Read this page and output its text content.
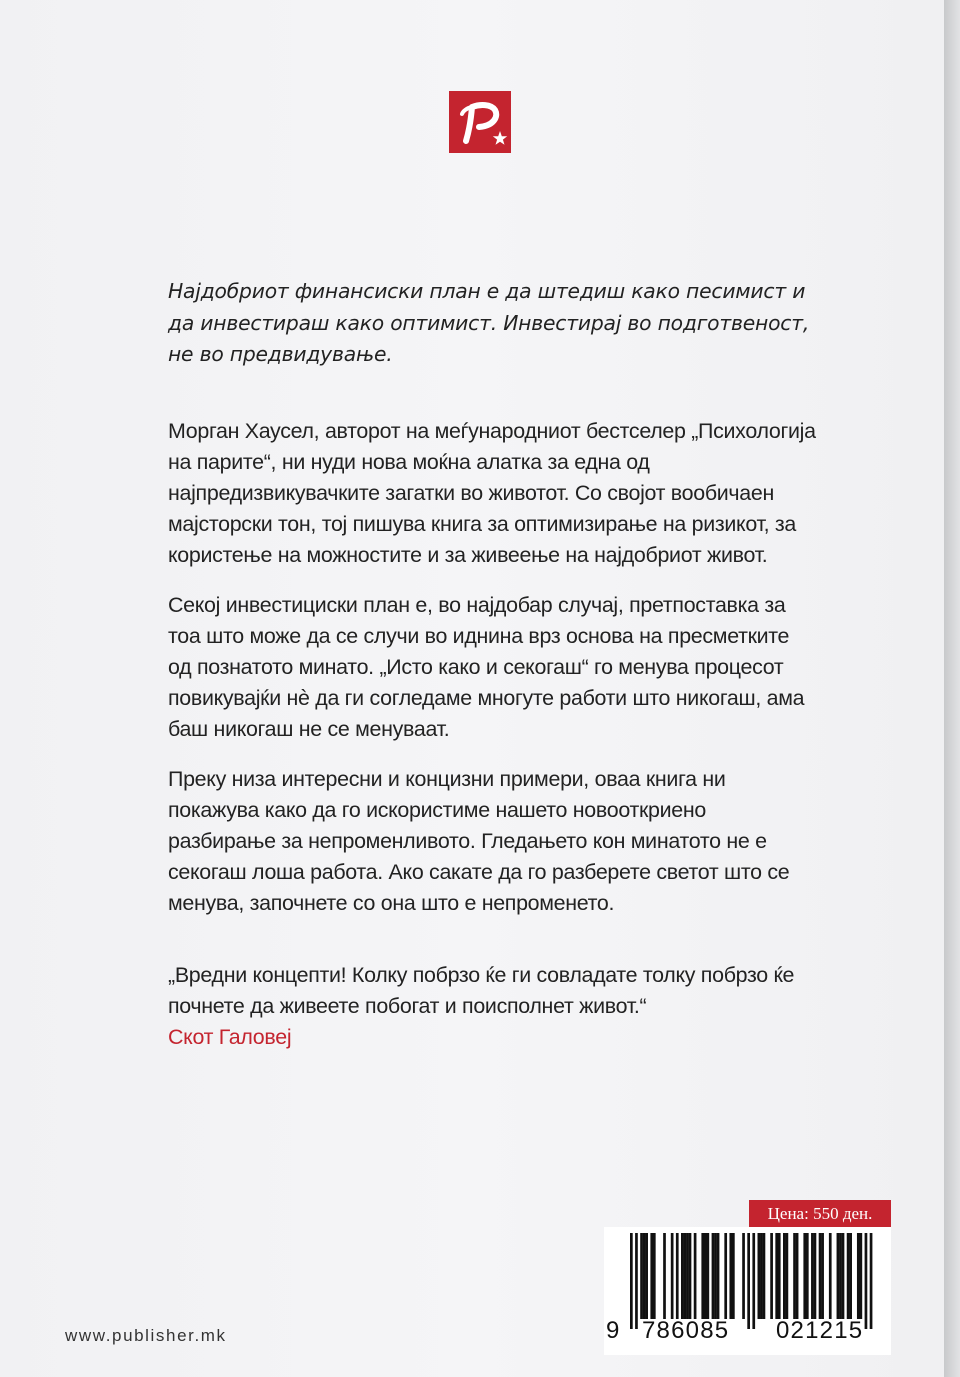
Најдобриот финансиски план е да штедиш како песимист и да инвестираш како оптимист. Инвестирај во подготвеност, не во предвидување.

Морган Хаусел, авторот на меѓународниот бестселер „Психологија на парите“, ни нуди нова моќна алатка за една од најпредизвикувачките загатки во животот. Со својот вообичаен мајсторски тон, тој пишува книга за оптимизирање на ризикот, за користење на можностите и за живеење на најдобриот живот.

Секој инвестициски план е, во најдобар случај, претпоставка за тоа што може да се случи во иднина врз основа на пресметките од познатото минато. „Исто како и секогаш“ го менува процесот повикувајќи нè да ги согледаме многуте работи што никогаш, ама баш никогаш не се менуваат.

Преку низа интересни и концизни примери, оваа книга ни покажува како да го искористиме нашето новооткриено разбирање за непроменливото. Гледањето кон минатото не е секогаш лоша работа. Ако сакате да го разберете светот што се менува, започнете со она што е непроменето.

„Вредни концепти! Колку побрзо ќе ги совладате толку побрзо ќе почнете да живеете побогат и поисполнет живот.“

Скот Галовеј

Цена: 550 ден.
9 786085 021215
www.publisher.mk
